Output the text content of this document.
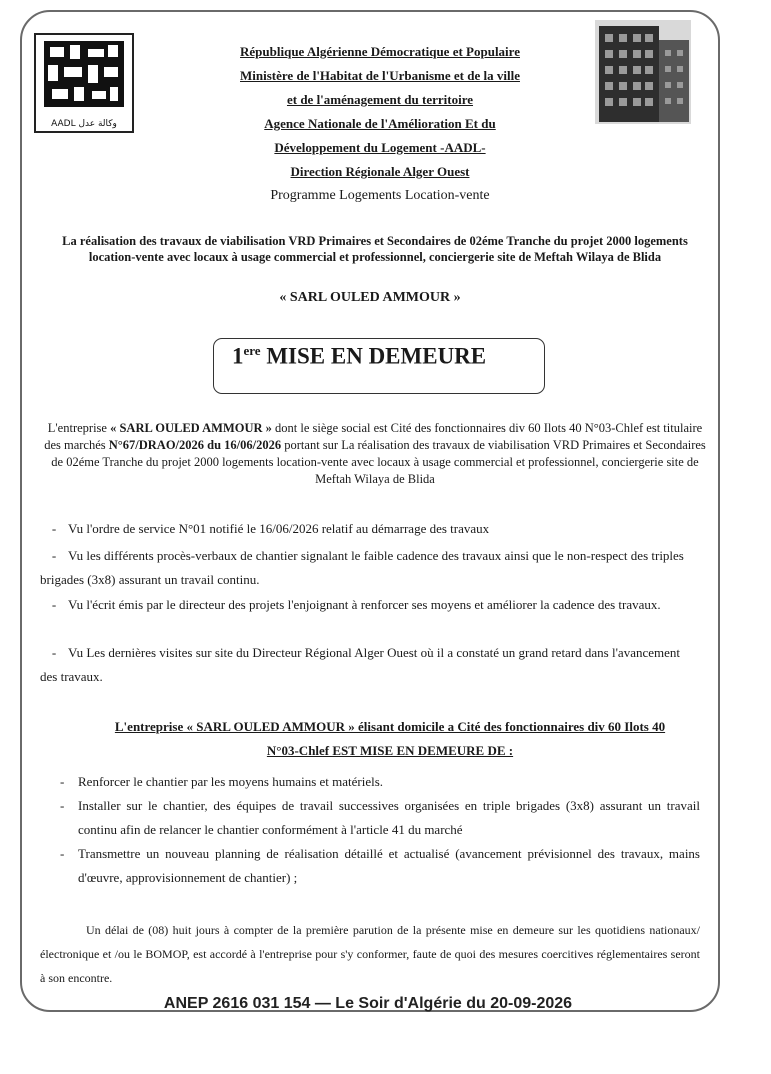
AADL وكالة عدل
République Algérienne Démocratique et Populaire
Ministère de l'Habitat de l'Urbanisme et de la ville
et de l'aménagement du territoire
Agence Nationale de l'Amélioration Et du
Développement du Logement -AADL-
Direction Régionale Alger Ouest
Programme Logements Location-vente
La réalisation des travaux de viabilisation VRD Primaires et Secondaires de 02éme Tranche du projet 2000 logements location-vente avec locaux à usage commercial et professionnel, conciergerie site de Meftah Wilaya de Blida
« SARL OULED AMMOUR »
1ere MISE EN DEMEURE
L'entreprise « SARL OULED AMMOUR » dont le siège social est Cité des fonctionnaires div 60 Ilots 40 N°03-Chlef est titulaire des marchés N°67/DRAO/2026 du 16/06/2026 portant sur La réalisation des travaux de viabilisation VRD Primaires et Secondaires de 02éme Tranche du projet 2000 logements location-vente avec locaux à usage commercial et professionnel, conciergerie site de Meftah Wilaya de Blida
- Vu l'ordre de service N°01 notifié le 16/06/2026 relatif au démarrage des travaux
- Vu les différents procès-verbaux de chantier signalant le faible cadence des travaux ainsi que le non-respect des triples brigades (3x8) assurant un travail continu.
- Vu l'écrit émis par le directeur des projets l'enjoignant à renforcer ses moyens et améliorer la cadence des travaux.
- Vu Les dernières visites sur site du Directeur Régional Alger Ouest où il a constaté un grand retard dans l'avancement des travaux.
L'entreprise « SARL OULED AMMOUR » élisant domicile a Cité des fonctionnaires div 60 Ilots 40
N°03-Chlef EST MISE EN DEMEURE DE :
- Renforcer le chantier par les moyens humains et matériels.
- Installer sur le chantier, des équipes de travail successives organisées en triple brigades (3x8) assurant un travail continu afin de relancer le chantier conformément à l'article 41 du marché
- Transmettre un nouveau planning de réalisation détaillé et actualisé (avancement prévisionnel des travaux, mains d'œuvre, approvisionnement de chantier) ;
Un délai de (08) huit jours à compter de la première parution de la présente mise en demeure sur les quotidiens nationaux/électronique et /ou le BOMOP, est accordé à l'entreprise pour s'y conformer, faute de quoi des mesures coercitives réglementaires seront à son encontre.
ANEP 2616 031 154 — Le Soir d'Algérie du 20-09-2026
